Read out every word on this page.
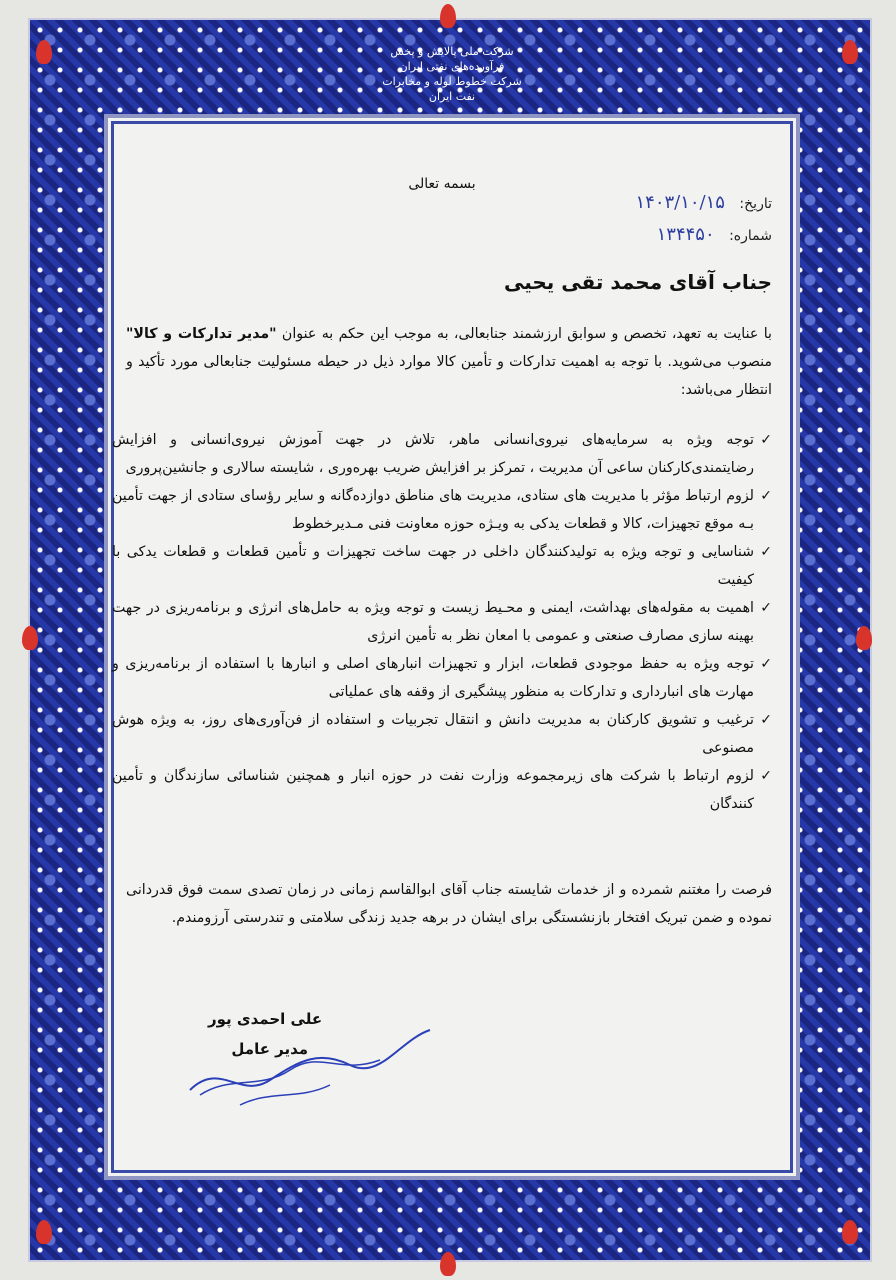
شرکت ملی پالایش و پخش فرآورده‌های نفتی ایران
شرکت خطوط لوله و مخابرات نفت ایران
بسمه تعالی
تاریخ: ۱۴۰۳/۱۰/۱۵
شماره: ۱۳۴۴۵۰
جناب آقای محمد تقی یحیی
با عنایت به تعهد، تخصص و سوابق ارزشمند جنابعالی، به موجب این حکم به عنوان "مدیر تدارکات و کالا" منصوب می‌شوید. با توجه به اهمیت تدارکات و تأمین کالا موارد ذیل در حیطه مسئولیت جنابعالی مورد تأکید و انتظار می‌باشد:
✓
توجه ویژه به سرمایه‌های نیروی‌انسانی ماهر، تلاش در جهت آموزش نیروی‌انسانی و افزایش رضایتمندی‌کارکنان ساعی آن مدیریت ، تمرکز بر افزایش ضریب بهره‌وری ، شایسته سالاری و جانشین‌پروری
✓
لزوم ارتباط مؤثر با مدیریت های ستادی، مدیریت های مناطق دوازده‌گانه و سایر رؤسای ستادی از جهت تأمین بـه موقع تجهیزات، کالا و قطعات یدکی به ویـژه حوزه معاونت فنی مـدیرخطوط
✓
شناسایی و توجه ویژه به تولیدکنندگان داخلی در جهت ساخت تجهیزات و تأمین قطعات و قطعات یدکی با کیفیت
✓
اهمیت به مقوله‌های بهداشت، ایمنی و محـیط زیست و توجه ویژه به حامل‌های انرژی و برنامه‌ریزی در جهت بهینه سازی مصارف صنعتی و عمومی با امعان نظر به تأمین انرژی
✓
توجه ویژه به حفظ موجودی قطعات، ابزار و تجهیزات انبارهای اصلی و انبارها با استفاده از برنامه‌ریزی و مهارت های انبارداری و تدارکات به منظور پیشگیری از وقفه های عملیاتی
✓
ترغیب و تشویق کارکنان به مدیریت دانش و انتقال تجربیات و استفاده از فن‌آوری‌های روز، به ویژه هوش مصنوعی
✓
لزوم ارتباط با شرکت های زیرمجموعه وزارت نفت در حوزه انبار و همچنین شناسائی سازندگان و تأمین کنندگان
فرصت را مغتنم شمرده و از خدمات شایسته جناب آقای ابوالقاسم زمانی در زمان تصدی سمت فوق قدردانی نموده و ضمن تبریک افتخار بازنشستگی برای ایشان در برهه جدید زندگی سلامتی و تندرستی آرزومندم.
علی احمدی پور
مدیر عامل
